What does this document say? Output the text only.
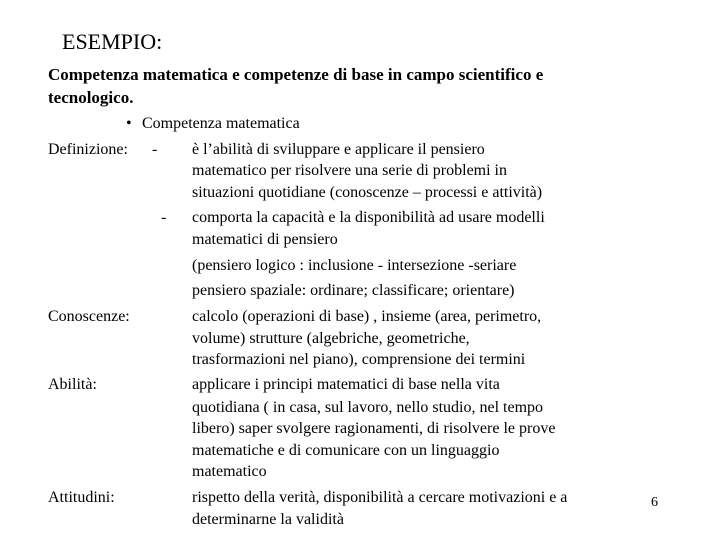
ESEMPIO:
Competenza matematica e competenze di base in campo scientifico e
tecnologico.
• Competenza matematica
Definizione: - è l’abilità di sviluppare e applicare il pensiero
matematico per risolvere una serie di problemi in
situazioni quotidiane (conoscenze – processi e attività)
- comporta la capacità e la disponibilità ad usare modelli
matematici di pensiero
(pensiero logico : inclusione - intersezione -seriare
pensiero spaziale: ordinare; classificare; orientare)
Conoscenze:	calcolo (operazioni di base) , insieme (area, perimetro,
volume) strutture (algebriche, geometriche,
trasformazioni nel piano), comprensione dei termini
Abilità:	applicare i principi matematici di base nella vita
quotidiana ( in casa, sul lavoro, nello studio, nel tempo
libero) saper svolgere ragionamenti, di risolvere le prove
matematiche e di comunicare con un linguaggio
matematico
Attitudini:	rispetto della verità, disponibilità a cercare motivazioni e a
determinarne la validità
6
